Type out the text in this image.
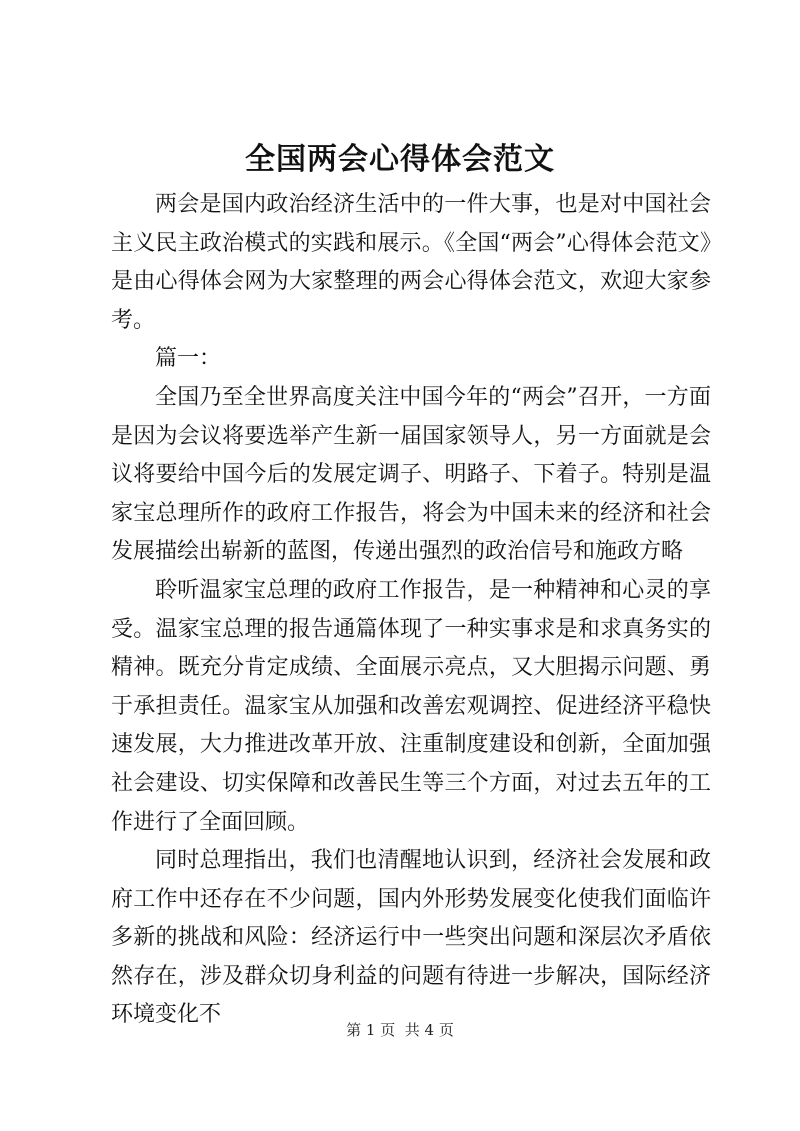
全国两会心得体会范文

两会是国内政治经济生活中的一件大事，也是对中国社会主义民主政治模式的实践和展示。《全国“两会”心得体会范文》是由心得体会网为大家整理的两会心得体会范文，欢迎大家参考。

篇一：

全国乃至全世界高度关注中国今年的“两会”召开，一方面是因为会议将要选举产生新一届国家领导人，另一方面就是会议将要给中国今后的发展定调子、明路子、下着子。特别是温家宝总理所作的政府工作报告，将会为中国未来的经济和社会发展描绘出崭新的蓝图，传递出强烈的政治信号和施政方略

聆听温家宝总理的政府工作报告，是一种精神和心灵的享受。温家宝总理的报告通篇体现了一种实事求是和求真务实的精神。既充分肯定成绩、全面展示亮点，又大胆揭示问题、勇于承担责任。温家宝从加强和改善宏观调控、促进经济平稳快速发展，大力推进改革开放、注重制度建设和创新，全面加强社会建设、切实保障和改善民生等三个方面，对过去五年的工作进行了全面回顾。

同时总理指出，我们也清醒地认识到，经济社会发展和政府工作中还存在不少问题，国内外形势发展变化使我们面临许多新的挑战和风险：经济运行中一些突出问题和深层次矛盾依然存在，涉及群众切身利益的问题有待进一步解决，国际经济环境变化不

第 1 页  共 4 页
